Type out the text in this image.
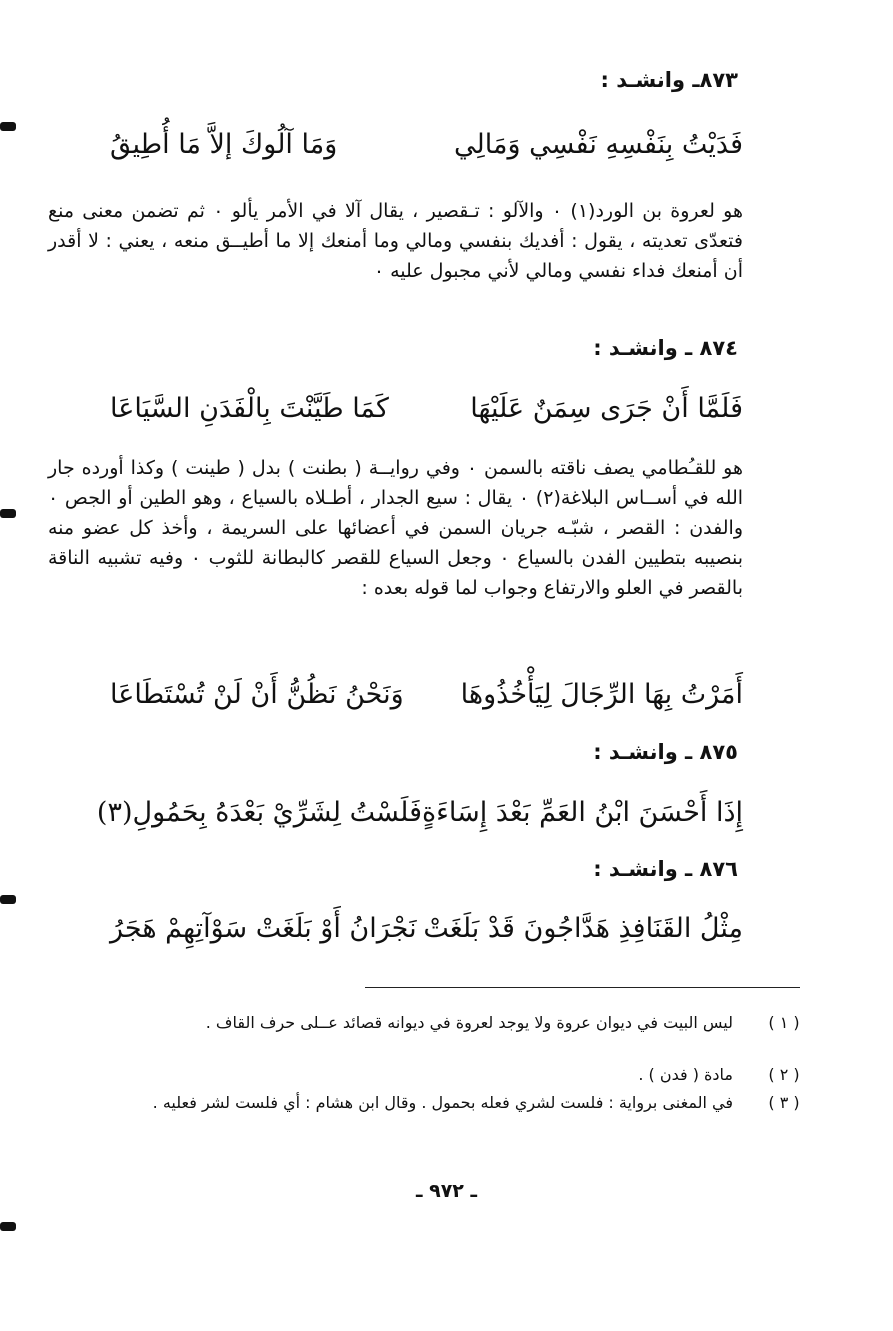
٨٧٣ـ وانشـد :
فَدَيْتُ بِنَفْسِهِ نَفْسِي وَمَالِي
وَمَا آلُوكَ إلاَّ مَا أُطِيقُ
هو لعروة بن الورد(١) ٠ والآلو : تـقصير ، يقال آلا في الأمر يألو ٠ ثم تضمن معنى منع فتعدّى تعديته ، يقول : أفديك بنفسي ومالي وما أمنعك إلا ما أطيــق منعه ، يعني : لا أقدر أن أمنعك فداء نفسي ومالي لأني مجبول عليه ٠
٨٧٤ ـ وانشـد :
فَلَمَّا أَنْ جَرَى سِمَنٌ عَلَيْهَا
كَمَا طَيَّنْتَ بِالْفَدَنِ السَّيَاعَا
هو للقـُطامي يصف ناقته بالسمن ٠ وفي روايــة ( بطنت ) بدل ( طينت ) وكذا أورده جار الله في أســاس البلاغة(٢) ٠ يقال : سيع الجدار ، أطـلاه بالسياع ، وهو الطين أو الجص ٠ والفدن : القصر ، شبّـه جريان السمن في أعضائها على السريمة ، وأخذ كل عضو منه بنصيبه بتطيين الفدن بالسياع ٠ وجعل السياع للقصر كالبطانة للثوب ٠ وفيه تشبيه الناقة بالقصر في العلو والارتفاع وجواب لما قوله بعده :
أَمَرْتُ بِهَا الرِّجَالَ لِيَأْخُذُوهَا
وَنَحْنُ نَظُنُّ أَنْ لَنْ تُسْتَطَاعَا
٨٧٥ ـ وانشـد :
إِذَا أَحْسَنَ ابْنُ العَمِّ بَعْدَ إِسَاءَةٍ
فَلَسْتُ لِشَرِّيْ بَعْدَهُ بِحَمُولِ(٣)
٨٧٦ ـ وانشـد :
مِثْلُ القَنَافِذِ هَدَّاجُونَ قَدْ بَلَغَتْ
نَجْرَانُ أَوْ بَلَغَتْ سَوْآتِهِمْ هَجَرُ
( ١ )
ليس البيت في ديوان عروة ولا يوجد لعروة في ديوانه قصائد عــلى حرف القاف .
( ٢ )
مادة ( فدن ) .
( ٣ )
في المغنى برواية : فلست لشري فعله بحمول . وقال ابن هشام : أي فلست لشر فعليه .
ـ ٩٧٢ ـ
